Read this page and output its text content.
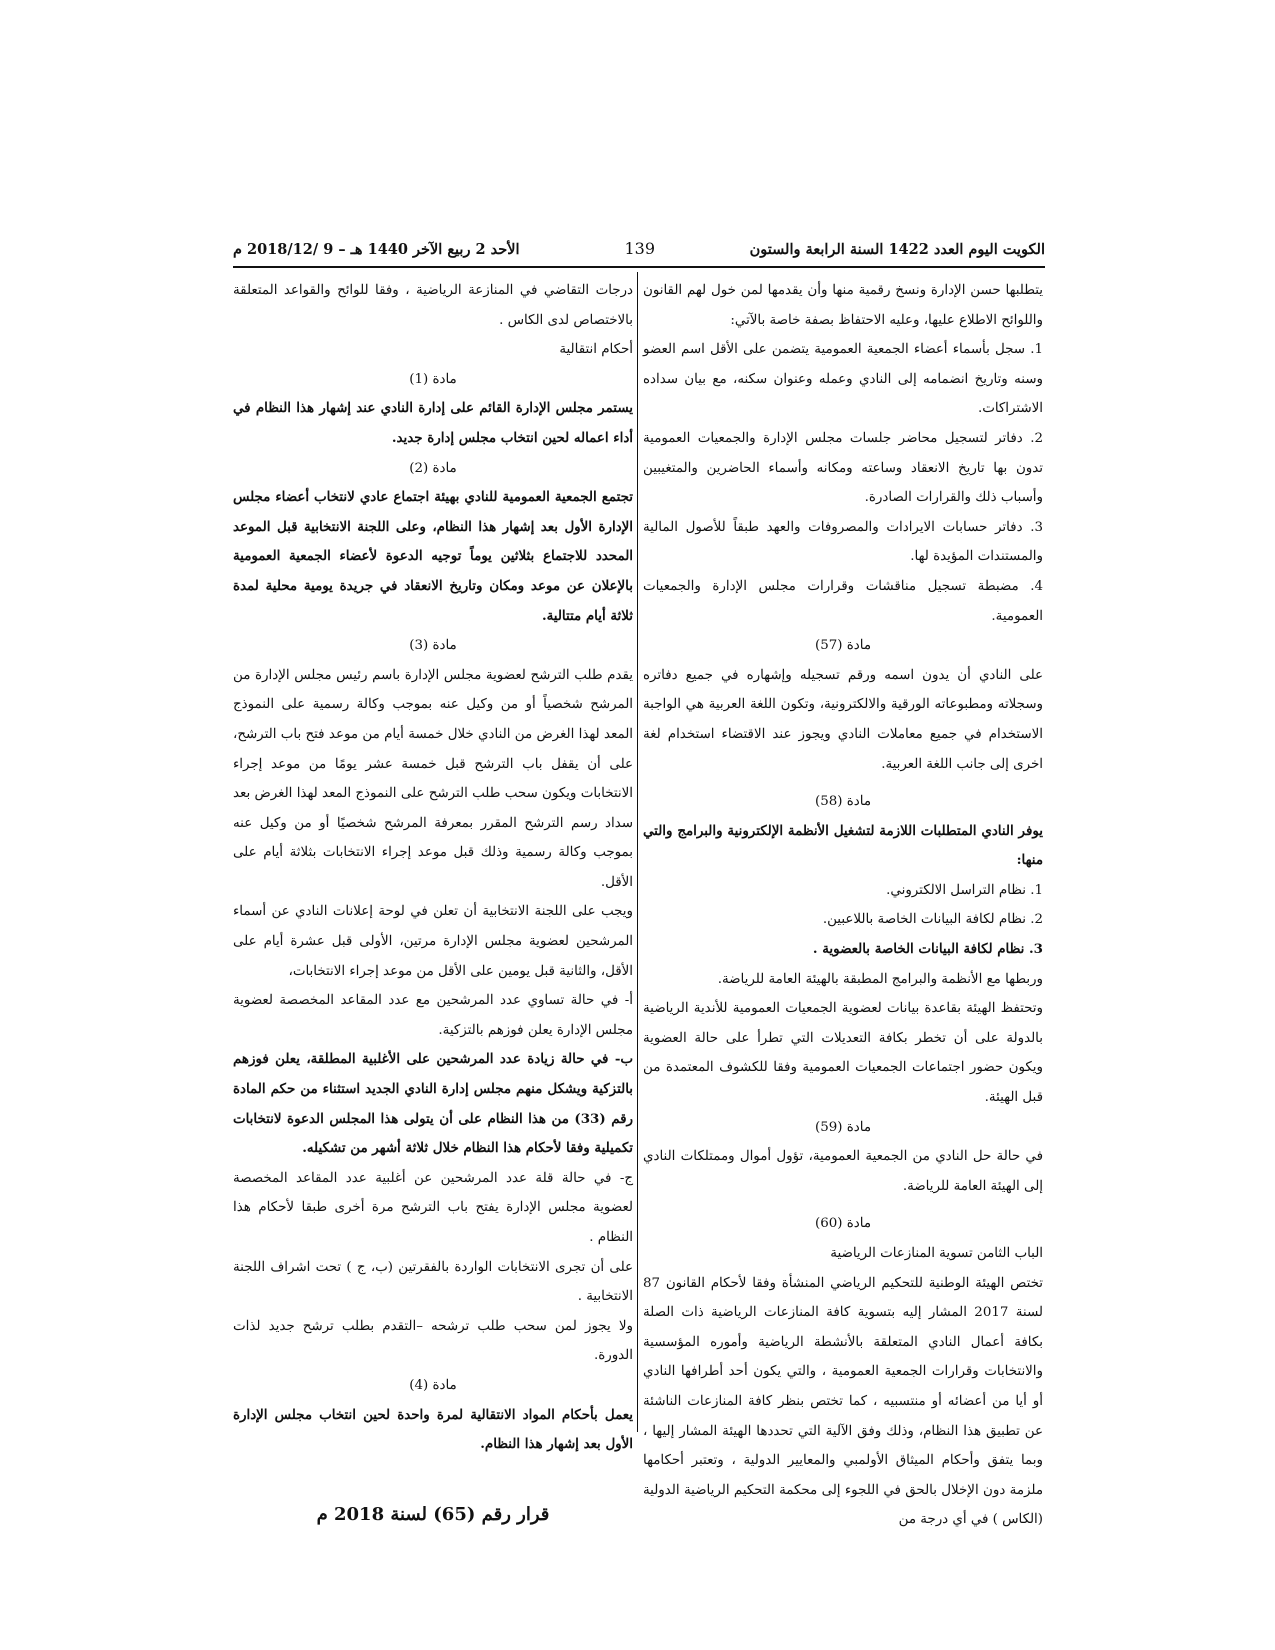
الكويت اليوم العدد 1422 السنة الرابعة والستون
139
الأحد 2 ربيع الآخر 1440 هـ – 9 /2018/12 م

يتطلبها حسن الإدارة ونسخ رقمية منها وأن يقدمها لمن خول لهم القانون واللوائح الاطلاع عليها، وعليه الاحتفاظ بصفة خاصة بالآتي:

1. سجل بأسماء أعضاء الجمعية العمومية يتضمن على الأقل اسم العضو وسنه وتاريخ انضمامه إلى النادي وعمله وعنوان سكنه، مع بيان سداده الاشتراكات.

2. دفاتر لتسجيل محاضر جلسات مجلس الإدارة والجمعيات العمومية تدون بها تاريخ الانعقاد وساعته ومكانه وأسماء الحاضرين والمتغيبين وأسباب ذلك والقرارات الصادرة.

3. دفاتر حسابات الايرادات والمصروفات والعهد طبقاً للأصول المالية والمستندات المؤيدة لها.

4. مضبطة تسجيل مناقشات وقرارات مجلس الإدارة والجمعيات العمومية.

مادة (57)

على النادي أن يدون اسمه ورقم تسجيله وإشهاره في جميع دفاتره وسجلاته ومطبوعاته الورقية والالكترونية، وتكون اللغة العربية هي الواجبة الاستخدام في جميع معاملات النادي ويجوز عند الاقتضاء استخدام لغة اخرى إلى جانب اللغة العربية.

مادة (58)

يوفر النادي المتطلبات اللازمة لتشغيل الأنظمة الإلكترونية والبرامج والتي منها:

1. نظام التراسل الالكتروني.

2. نظام لكافة البيانات الخاصة باللاعبين.

3. نظام لكافة البيانات الخاصة بالعضوية .

وربطها مع الأنظمة والبرامج المطبقة بالهيئة العامة للرياضة.

وتحتفظ الهيئة بقاعدة بيانات لعضوية الجمعيات العمومية للأندية الرياضية بالدولة على أن تخطر بكافة التعديلات التي تطرأ على حالة العضوية ويكون حضور اجتماعات الجمعيات العمومية وفقا للكشوف المعتمدة من قبل الهيئة.

مادة (59)

في حالة حل النادي من الجمعية العمومية، تؤول أموال وممتلكات النادي إلى الهيئة العامة للرياضة.

مادة (60)

الباب الثامن تسوية المنازعات الرياضية

تختص الهيئة الوطنية للتحكيم الرياضي المنشأة وفقا لأحكام القانون 87 لسنة 2017 المشار إليه بتسوية كافة المنازعات الرياضية ذات الصلة بكافة أعمال النادي المتعلقة بالأنشطة الرياضية وأموره المؤسسية والانتخابات وقرارات الجمعية العمومية ، والتي يكون أحد أطرافها النادي أو أيا من أعضائه أو منتسبيه ، كما تختص بنظر كافة المنازعات الناشئة عن تطبيق هذا النظام، وذلك وفق الآلية التي تحددها الهيئة المشار إليها ، وبما يتفق وأحكام الميثاق الأولمبي والمعايير الدولية ، وتعتبر أحكامها ملزمة دون الإخلال بالحق في اللجوء إلى محكمة التحكيم الرياضية الدولية (الكاس ) في أي درجة من

درجات التقاضي في المنازعة الرياضية ، وفقا للوائح والقواعد المتعلقة بالاختصاص لدى الكاس .

أحكام انتقالية

مادة (1)

يستمر مجلس الإدارة القائم على إدارة النادي عند إشهار هذا النظام في أداء اعماله لحين انتخاب مجلس إدارة جديد.

مادة (2)

تجتمع الجمعية العمومية للنادي بهيئة اجتماع عادي لانتخاب أعضاء مجلس الإدارة الأول بعد إشهار هذا النظام، وعلى اللجنة الانتخابية قبل الموعد المحدد للاجتماع بثلاثين يوماً توجيه الدعوة لأعضاء الجمعية العمومية بالإعلان عن موعد ومكان وتاريخ الانعقاد في جريدة يومية محلية لمدة ثلاثة أيام متتالية.

مادة (3)

يقدم طلب الترشح لعضوية مجلس الإدارة باسم رئيس مجلس الإدارة من المرشح شخصياً أو من وكيل عنه بموجب وكالة رسمية على النموذج المعد لهذا الغرض من النادي خلال خمسة أيام من موعد فتح باب الترشح، على أن يقفل باب الترشح قبل خمسة عشر يومًا من موعد إجراء الانتخابات ويكون سحب طلب الترشح على النموذج المعد لهذا الغرض بعد سداد رسم الترشح المقرر بمعرفة المرشح شخصيًا أو من وكيل عنه بموجب وكالة رسمية وذلك قبل موعد إجراء الانتخابات بثلاثة أيام على الأقل.

ويجب على اللجنة الانتخابية أن تعلن في لوحة إعلانات النادي عن أسماء المرشحين لعضوية مجلس الإدارة مرتين، الأولى قبل عشرة أيام على الأقل، والثانية قبل يومين على الأقل من موعد إجراء الانتخابات،

أ- في حالة تساوي عدد المرشحين مع عدد المقاعد المخصصة لعضوية مجلس الإدارة يعلن فوزهم بالتزكية.

ب- في حالة زيادة عدد المرشحين على الأغلبية المطلقة، يعلن فوزهم بالتزكية ويشكل منهم مجلس إدارة النادي الجديد استثناء من حكم المادة رقم (33) من هذا النظام على أن يتولى هذا المجلس الدعوة لانتخابات تكميلية وفقا لأحكام هذا النظام خلال ثلاثة أشهر من تشكيله.

ج- في حالة قلة عدد المرشحين عن أغلبية عدد المقاعد المخصصة لعضوية مجلس الإدارة يفتح باب الترشح مرة أخرى طبقا لأحكام هذا النظام .

على أن تجرى الانتخابات الواردة بالفقرتين (ب، ج ) تحت اشراف اللجنة الانتخابية .

ولا يجوز لمن سحب طلب ترشحه –التقدم بطلب ترشح جديد لذات الدورة.

مادة (4)

يعمل بأحكام المواد الانتقالية لمرة واحدة لحين انتخاب مجلس الإدارة الأول بعد إشهار هذا النظام.

قرار رقم (65) لسنة 2018 م
